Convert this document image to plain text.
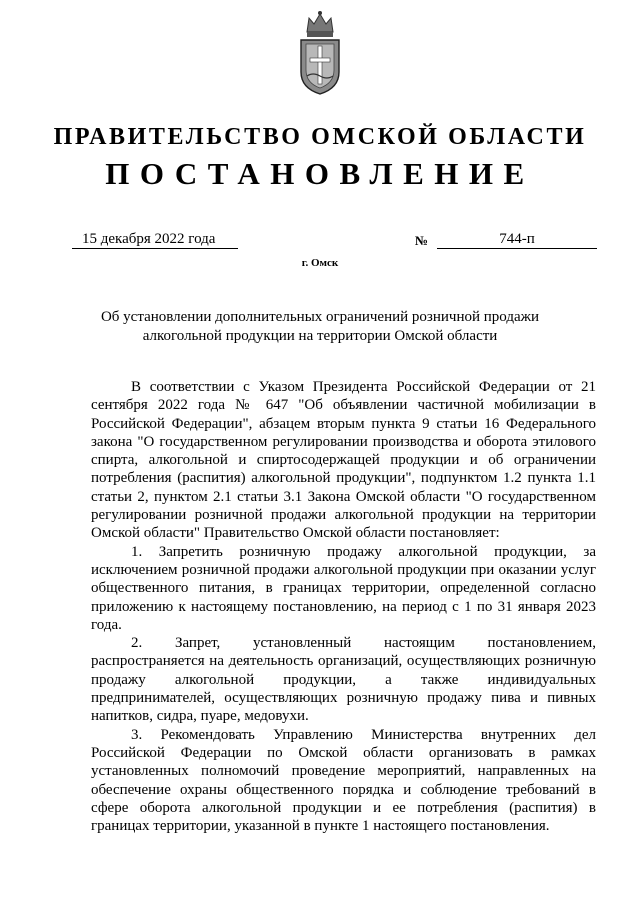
ПРАВИТЕЛЬСТВО ОМСКОЙ ОБЛАСТИ
ПОСТАНОВЛЕНИЕ
15 декабря 2022 года	№	744-п
г. Омск
Об установлении дополнительных ограничений розничной продажи
алкогольной продукции на территории Омской области

В соответствии с Указом Президента Российской Федерации от 21 сентября 2022 года № 647 "Об объявлении частичной мобилизации в Российской Федерации", абзацем вторым пункта 9 статьи 16 Федерального закона "О государственном регулировании производства и оборота этилового спирта, алкогольной и спиртосодержащей продукции и об ограничении потребления (распития) алкогольной продукции", подпунктом 1.2 пункта 1.1 статьи 2, пунктом 2.1 статьи 3.1 Закона Омской области "О государственном регулировании розничной продажи алкогольной продукции на территории Омской области" Правительство Омской области постановляет:

1. Запретить розничную продажу алкогольной продукции, за исключением розничной продажи алкогольной продукции при оказании услуг общественного питания, в границах территории, определенной согласно приложению к настоящему постановлению, на период с 1 по 31 января 2023 года.

2. Запрет, установленный настоящим постановлением, распространяется на деятельность организаций, осуществляющих розничную продажу алкогольной продукции, а также индивидуальных предпринимателей, осуществляющих розничную продажу пива и пивных напитков, сидра, пуаре, медовухи.

3. Рекомендовать Управлению Министерства внутренних дел Российской Федерации по Омской области организовать в рамках установленных полномочий проведение мероприятий, направленных на обеспечение охраны общественного порядка и соблюдение требований в сфере оборота алкогольной продукции и ее потребления (распития) в границах территории, указанной в пункте 1 настоящего постановления.
